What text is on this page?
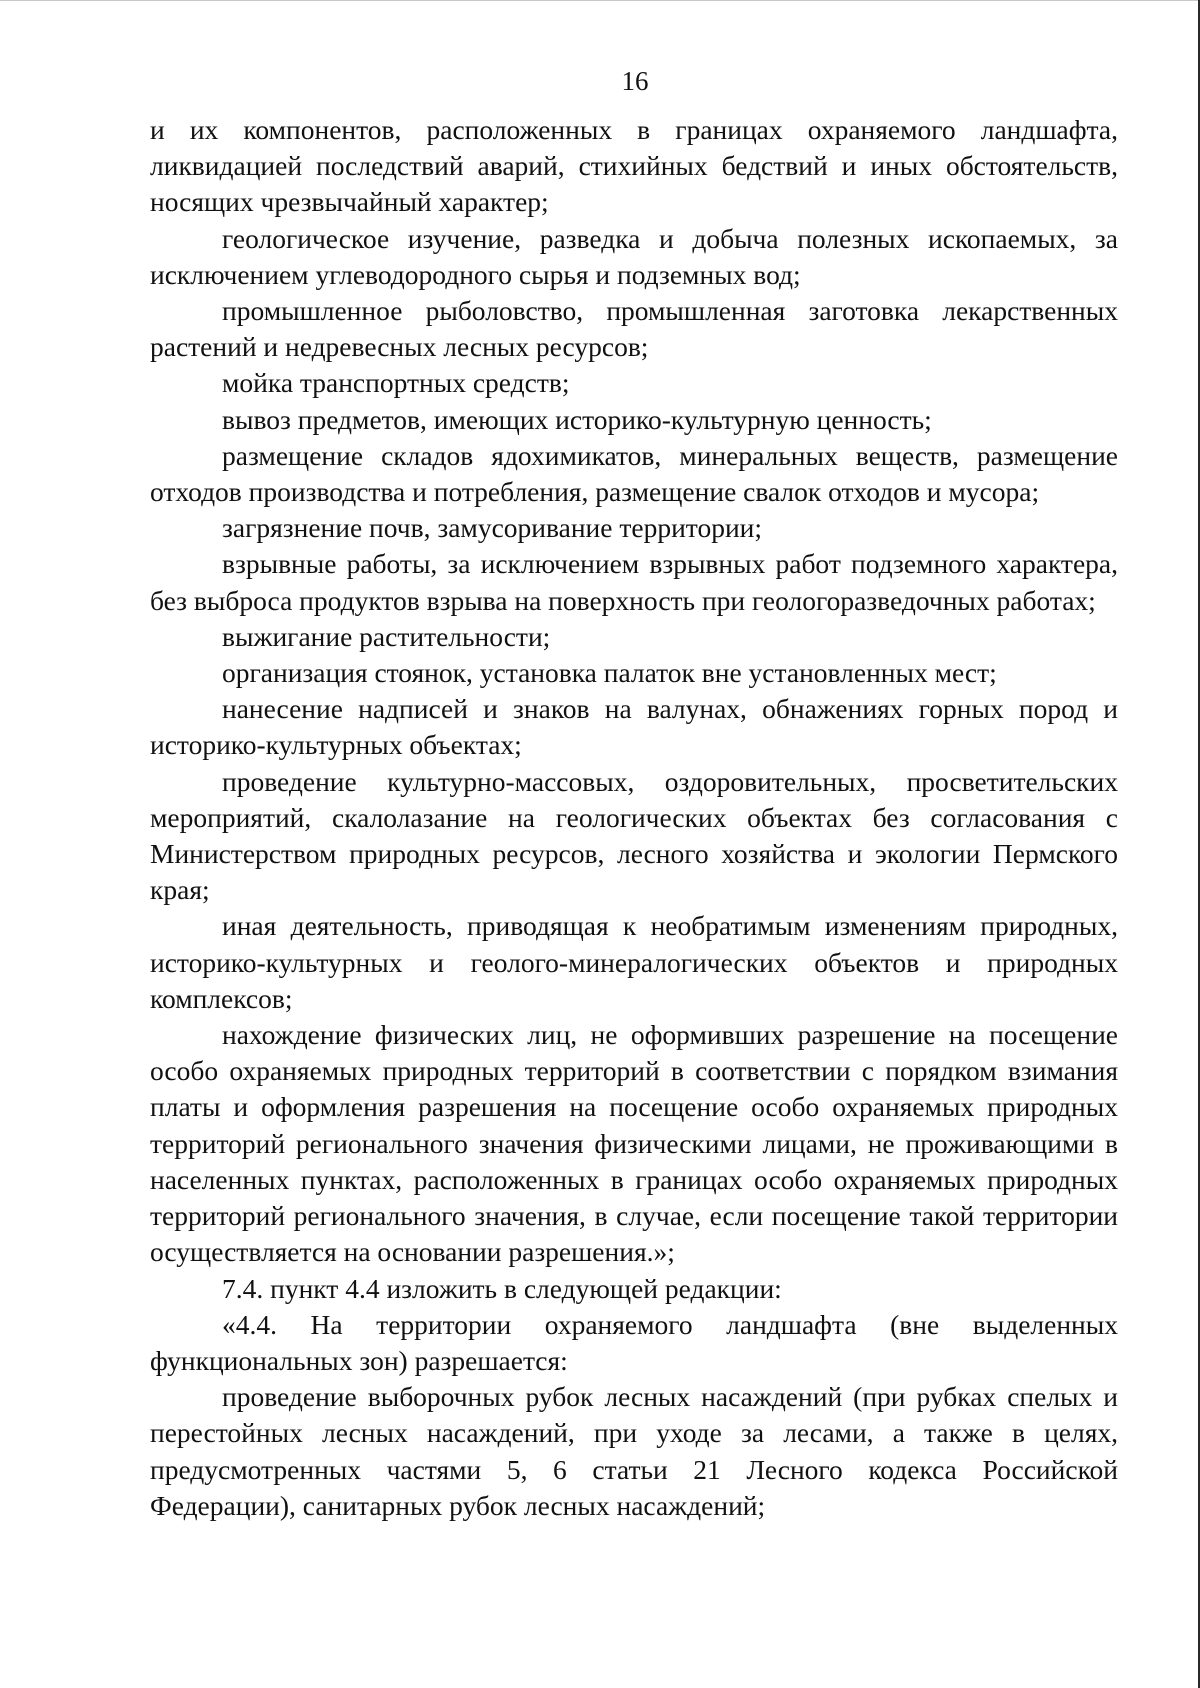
16

и их компонентов, расположенных в границах охраняемого ландшафта, ликвидацией последствий аварий, стихийных бедствий и иных обстоятельств, носящих чрезвычайный характер;

геологическое изучение, разведка и добыча полезных ископаемых, за исключением углеводородного сырья и подземных вод;

промышленное рыболовство, промышленная заготовка лекарственных растений и недревесных лесных ресурсов;

мойка транспортных средств;

вывоз предметов, имеющих историко-культурную ценность;

размещение складов ядохимикатов, минеральных веществ, размещение отходов производства и потребления, размещение свалок отходов и мусора;

загрязнение почв, замусоривание территории;

взрывные работы, за исключением взрывных работ подземного характера, без выброса продуктов взрыва на поверхность при геологоразведочных работах;

выжигание растительности;

организация стоянок, установка палаток вне установленных мест;

нанесение надписей и знаков на валунах, обнажениях горных пород и историко-культурных объектах;

проведение культурно-массовых, оздоровительных, просветительских мероприятий, скалолазание на геологических объектах без согласования с Министерством природных ресурсов, лесного хозяйства и экологии Пермского края;

иная деятельность, приводящая к необратимым изменениям природных, историко-культурных и геолого-минералогических объектов и природных комплексов;

нахождение физических лиц, не оформивших разрешение на посещение особо охраняемых природных территорий в соответствии с порядком взимания платы и оформления разрешения на посещение особо охраняемых природных территорий регионального значения физическими лицами, не проживающими в населенных пунктах, расположенных в границах особо охраняемых природных территорий регионального значения, в случае, если посещение такой территории осуществляется на основании разрешения.»;

7.4. пункт 4.4 изложить в следующей редакции:

«4.4. На территории охраняемого ландшафта (вне выделенных функциональных зон) разрешается:

проведение выборочных рубок лесных насаждений (при рубках спелых и перестойных лесных насаждений, при уходе за лесами, а также в целях, предусмотренных частями 5, 6 статьи 21 Лесного кодекса Российской Федерации), санитарных рубок лесных насаждений;
